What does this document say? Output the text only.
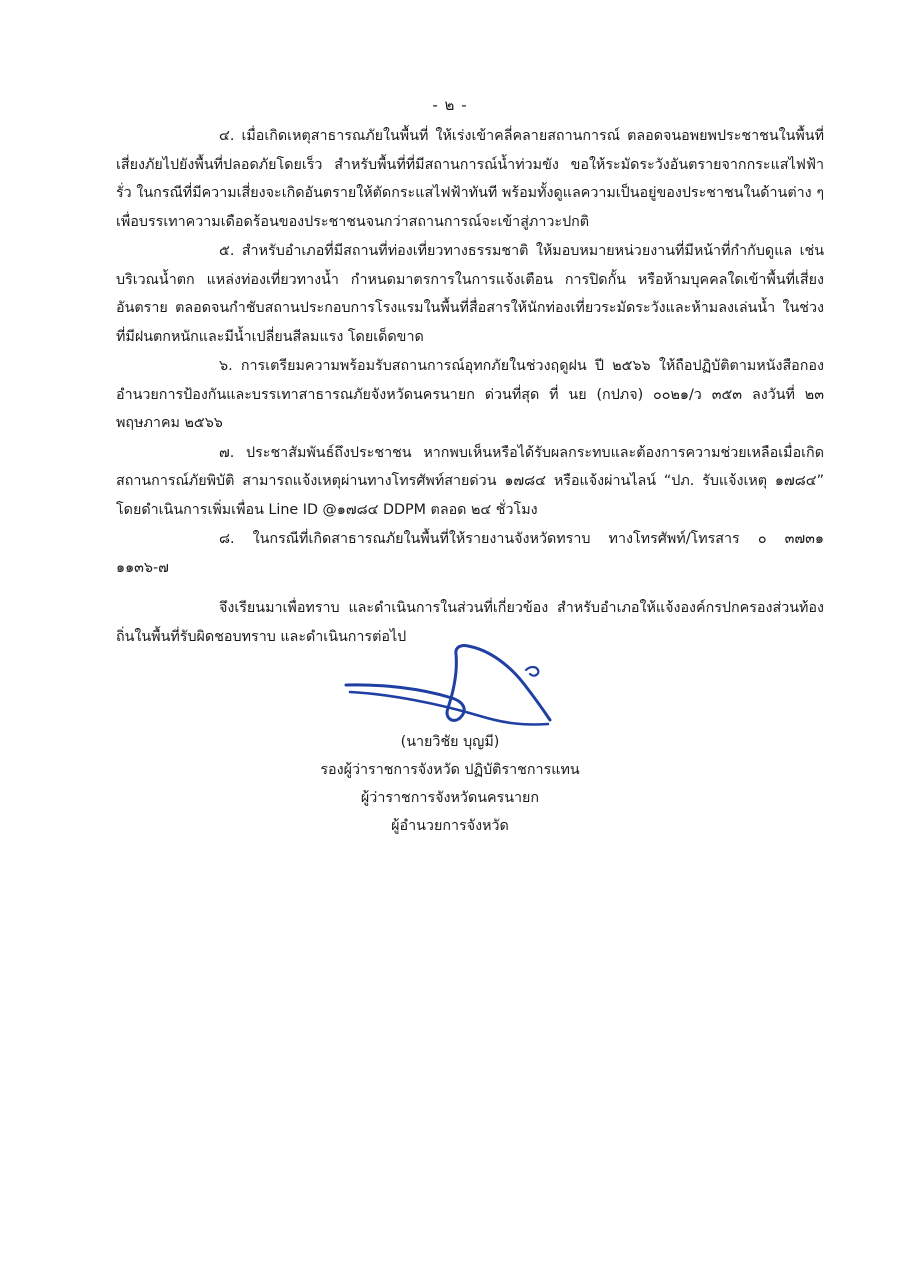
- ๒ -

๔. เมื่อเกิดเหตุสาธารณภัยในพื้นที่ ให้เร่งเข้าคลี่คลายสถานการณ์ ตลอดจนอพยพประชาชนในพื้นที่เสี่ยงภัยไปยังพื้นที่ปลอดภัยโดยเร็ว สำหรับพื้นที่ที่มีสถานการณ์น้ำท่วมขัง ขอให้ระมัดระวังอันตรายจากกระแสไฟฟ้ารั่ว ในกรณีที่มีความเสี่ยงจะเกิดอันตรายให้ตัดกระแสไฟฟ้าทันที พร้อมทั้งดูแลความเป็นอยู่ของประชาชนในด้านต่าง ๆ เพื่อบรรเทาความเดือดร้อนของประชาชนจนกว่าสถานการณ์จะเข้าสู่ภาวะปกติ

๕. สำหรับอำเภอที่มีสถานที่ท่องเที่ยวทางธรรมชาติ ให้มอบหมายหน่วยงานที่มีหน้าที่กำกับดูแล เช่น บริเวณน้ำตก แหล่งท่องเที่ยวทางน้ำ กำหนดมาตรการในการแจ้งเตือน การปิดกั้น หรือห้ามบุคคลใดเข้าพื้นที่เสี่ยงอันตราย ตลอดจนกำชับสถานประกอบการโรงแรมในพื้นที่สื่อสารให้นักท่องเที่ยวระมัดระวังและห้ามลงเล่นน้ำ ในช่วงที่มีฝนตกหนักและมีน้ำเปลี่ยนสีลมแรง โดยเด็ดขาด

๖. การเตรียมความพร้อมรับสถานการณ์อุทกภัยในช่วงฤดูฝน ปี ๒๕๖๖ ให้ถือปฏิบัติตามหนังสือกองอำนวยการป้องกันและบรรเทาสาธารณภัยจังหวัดนครนายก ด่วนที่สุด ที่ นย (กปภจ) ๐๐๒๑/ว ๓๕๓ ลงวันที่ ๒๓ พฤษภาคม ๒๕๖๖

๗. ประชาสัมพันธ์ถึงประชาชน หากพบเห็นหรือได้รับผลกระทบและต้องการความช่วยเหลือเมื่อเกิดสถานการณ์ภัยพิบัติ สามารถแจ้งเหตุผ่านทางโทรศัพท์สายด่วน ๑๗๘๔ หรือแจ้งผ่านไลน์ “ปภ. รับแจ้งเหตุ ๑๗๘๔” โดยดำเนินการเพิ่มเพื่อน Line ID @๑๗๘๔ DDPM ตลอด ๒๔ ชั่วโมง

๘. ในกรณีที่เกิดสาธารณภัยในพื้นที่ให้รายงานจังหวัดทราบ ทางโทรศัพท์/โทรสาร ๐ ๓๗๓๑ ๑๑๓๖-๗

จึงเรียนมาเพื่อทราบ และดำเนินการในส่วนที่เกี่ยวข้อง สำหรับอำเภอให้แจ้งองค์กรปกครองส่วนท้องถิ่นในพื้นที่รับผิดชอบทราบ และดำเนินการต่อไป

(นายวิชัย บุญมี)
รองผู้ว่าราชการจังหวัด ปฏิบัติราชการแทน
ผู้ว่าราชการจังหวัดนครนายก
ผู้อำนวยการจังหวัด
